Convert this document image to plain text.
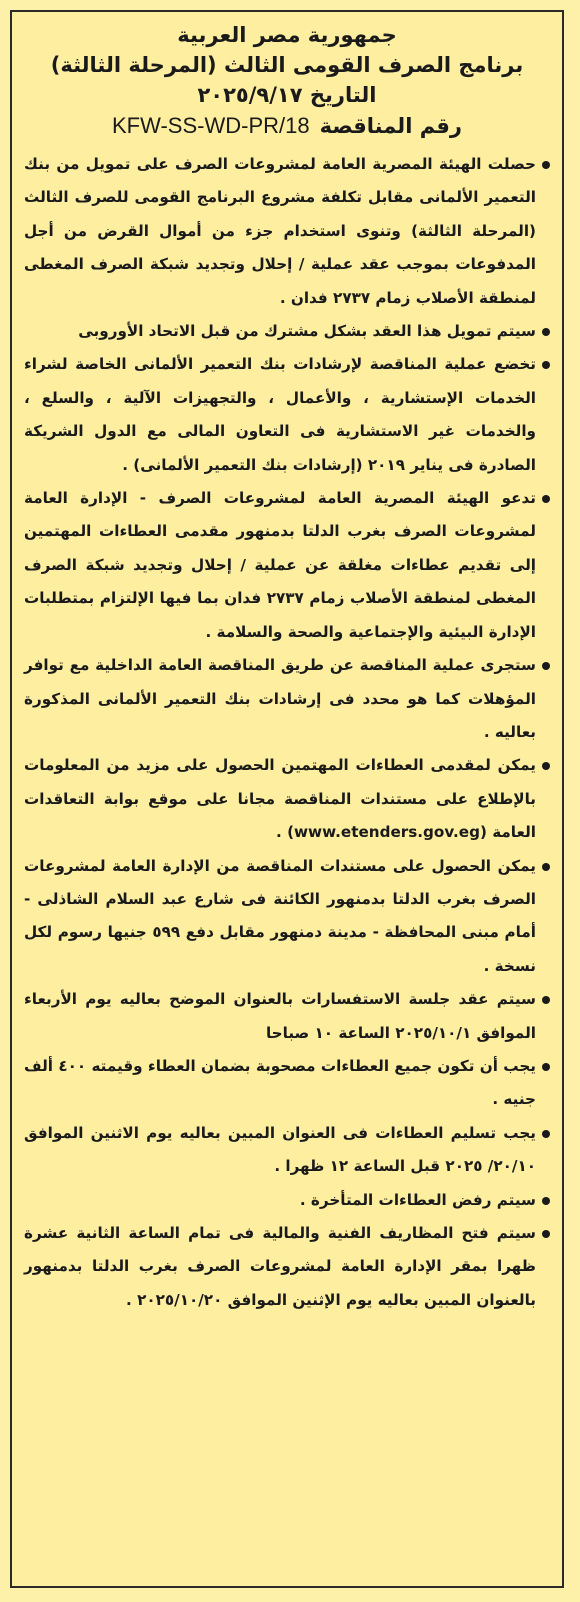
جمهورية مصر العربية
برنامج الصرف القومى الثالث (المرحلة الثالثة)
التاريخ ٢٠٢٥/٩/١٧
رقم المناقصة
KFW-SS-WD-PR/18
حصلت الهيئة المصرية العامة لمشروعات الصرف على تمويل من بنك التعمير الألمانى مقابل تكلفة مشروع البرنامج القومى للصرف الثالث (المرحلة الثالثة) وتنوى استخدام جزء من أموال القرض من أجل المدفوعات بموجب عقد عملية / إحلال وتجديد شبكة الصرف المغطى لمنطقة الأصلاب زمام ٢٧٣٧ فدان .
سيتم تمويل هذا العقد بشكل مشترك من قبل الاتحاد الأوروبى
تخضع عملية المناقصة لإرشادات بنك التعمير الألمانى الخاصة لشراء الخدمات الإستشارية ، والأعمال ، والتجهيزات الآلية ، والسلع ، والخدمات غير الاستشارية فى التعاون المالى مع الدول الشريكة الصادرة فى يناير ٢٠١٩ (إرشادات بنك التعمير الألمانى) .
تدعو الهيئة المصرية العامة لمشروعات الصرف - الإدارة العامة لمشروعات الصرف بغرب الدلتا بدمنهور مقدمى العطاءات المهتمين إلى تقديم عطاءات مغلقة عن عملية / إحلال وتجديد شبكة الصرف المغطى لمنطقة الأصلاب زمام ٢٧٣٧ فدان بما فيها الإلتزام بمتطلبات الإدارة البيئية والإجتماعية والصحة والسلامة .
ستجرى عملية المناقصة عن طريق المناقصة العامة الداخلية مع توافر المؤهلات كما هو محدد فى إرشادات بنك التعمير الألمانى المذكورة بعاليه .
يمكن لمقدمى العطاءات المهتمين الحصول على مزيد من المعلومات بالإطلاع على مستندات المناقصة مجانا على موقع بوابة التعاقدات العامة (www.etenders.gov.eg) .
يمكن الحصول على مستندات المناقصة من الإدارة العامة لمشروعات الصرف بغرب الدلتا بدمنهور الكائنة فى شارع عبد السلام الشاذلى - أمام مبنى المحافظة - مدينة دمنهور مقابل دفع ٥٩٩ جنيها رسوم لكل نسخة .
سيتم عقد جلسة الاستفسارات بالعنوان الموضح بعاليه يوم الأربعاء الموافق ٢٠٢٥/١٠/١ الساعة ١٠ صباحا
يجب أن تكون جميع العطاءات مصحوبة بضمان العطاء وقيمته ٤٠٠ ألف جنيه .
يجب تسليم العطاءات فى العنوان المبين بعاليه يوم الاثنين الموافق ٢٠/١٠/ ٢٠٢٥ قبل الساعة ١٢ ظهرا .
سيتم رفض العطاءات المتأخرة .
سيتم فتح المظاريف الفنية والمالية فى تمام الساعة الثانية عشرة ظهرا بمقر الإدارة العامة لمشروعات الصرف بغرب الدلتا بدمنهور بالعنوان المبين بعاليه يوم الإثنين الموافق ٢٠٢٥/١٠/٢٠ .
